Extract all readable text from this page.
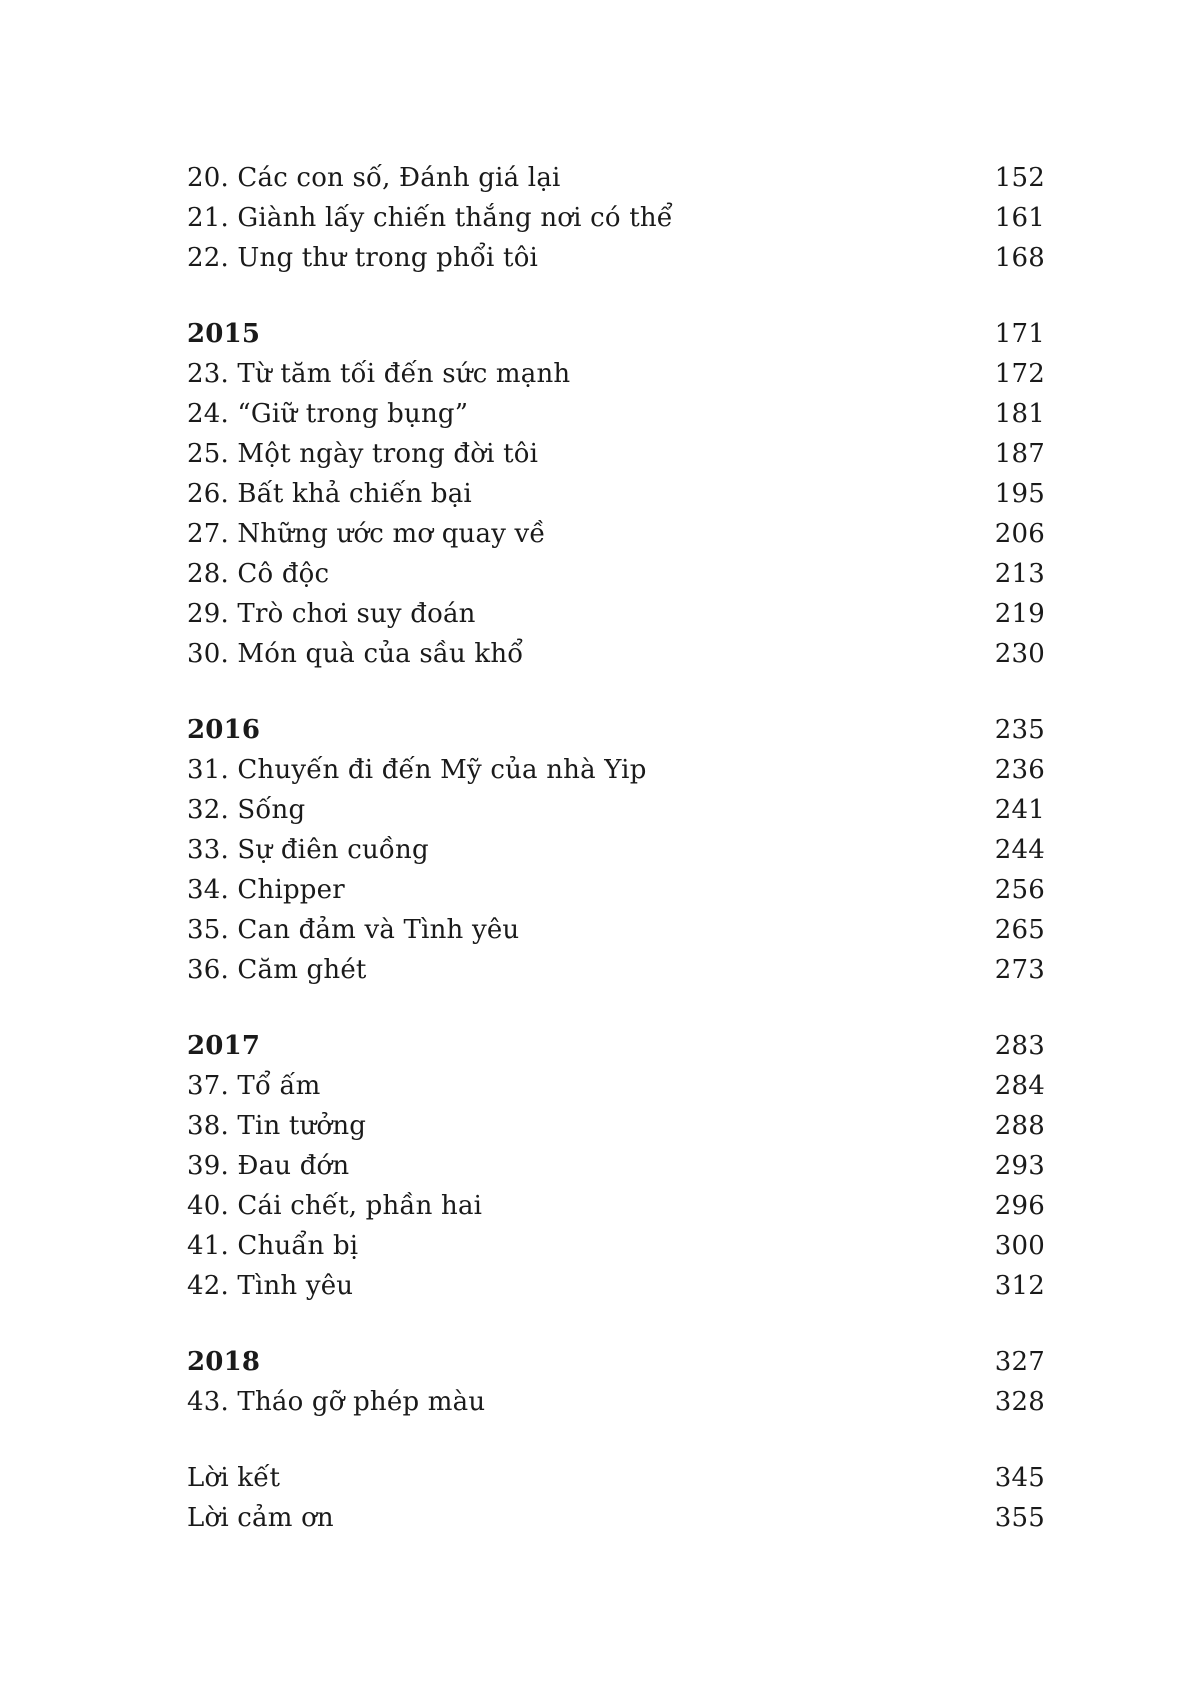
20. Các con số, Đánh giá lại	152
21. Giành lấy chiến thắng nơi có thể	161
22. Ung thư trong phổi tôi	168
2015	171
23. Từ tăm tối đến sức mạnh	172
24. “Giữ trong bụng”	181
25. Một ngày trong đời tôi	187
26. Bất khả chiến bại	195
27. Những ước mơ quay về	206
28. Cô độc	213
29. Trò chơi suy đoán	219
30. Món quà của sầu khổ	230
2016	235
31. Chuyến đi đến Mỹ của nhà Yip	236
32. Sống	241
33. Sự điên cuồng	244
34. Chipper	256
35. Can đảm và Tình yêu	265
36. Căm ghét	273
2017	283
37. Tổ ấm	284
38. Tin tưởng	288
39. Đau đớn	293
40. Cái chết, phần hai	296
41. Chuẩn bị	300
42. Tình yêu	312
2018	327
43. Tháo gỡ phép màu	328
Lời kết	345
Lời cảm ơn	355
